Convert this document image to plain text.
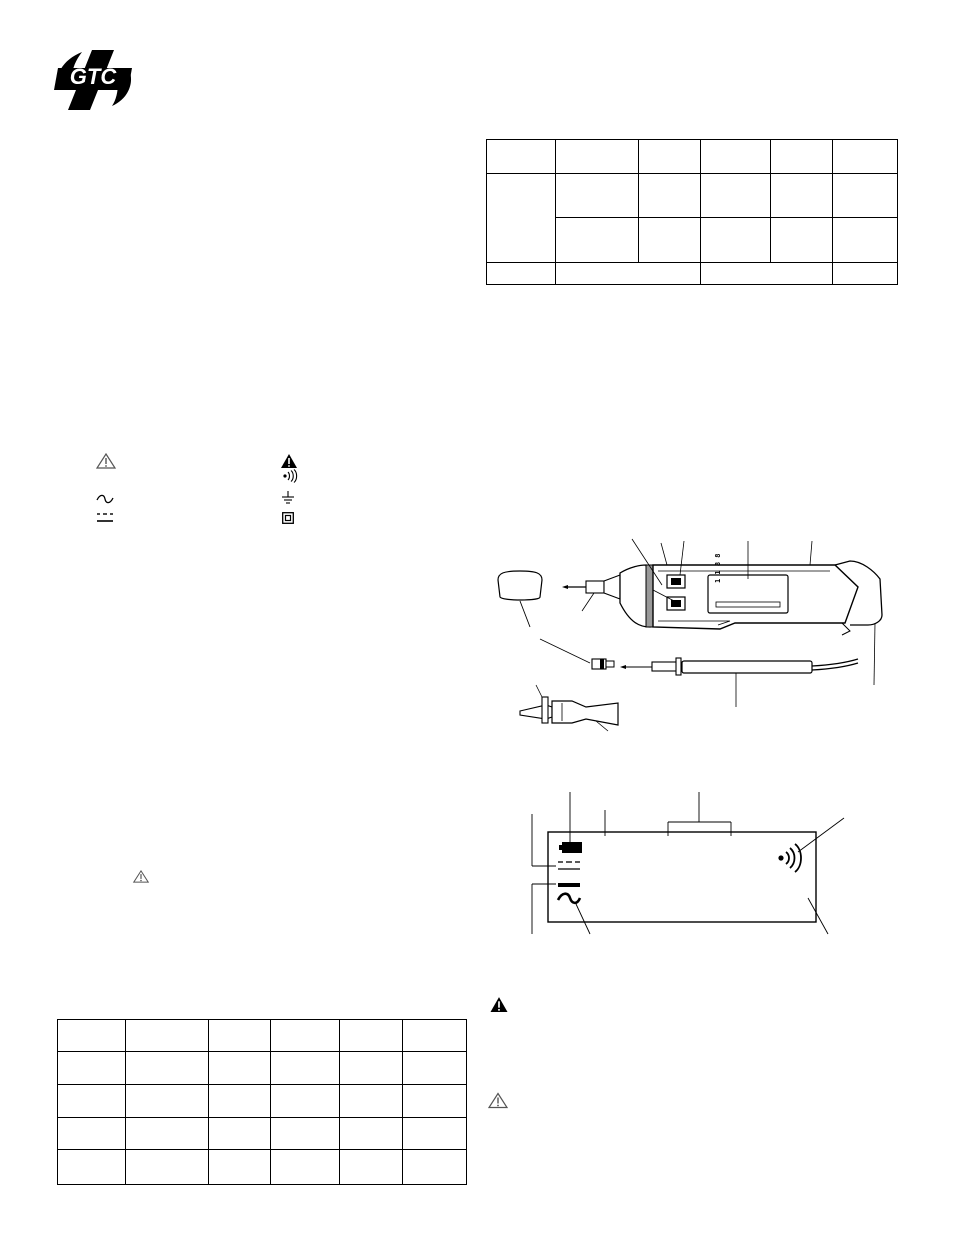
GTC

1 1 8 8
